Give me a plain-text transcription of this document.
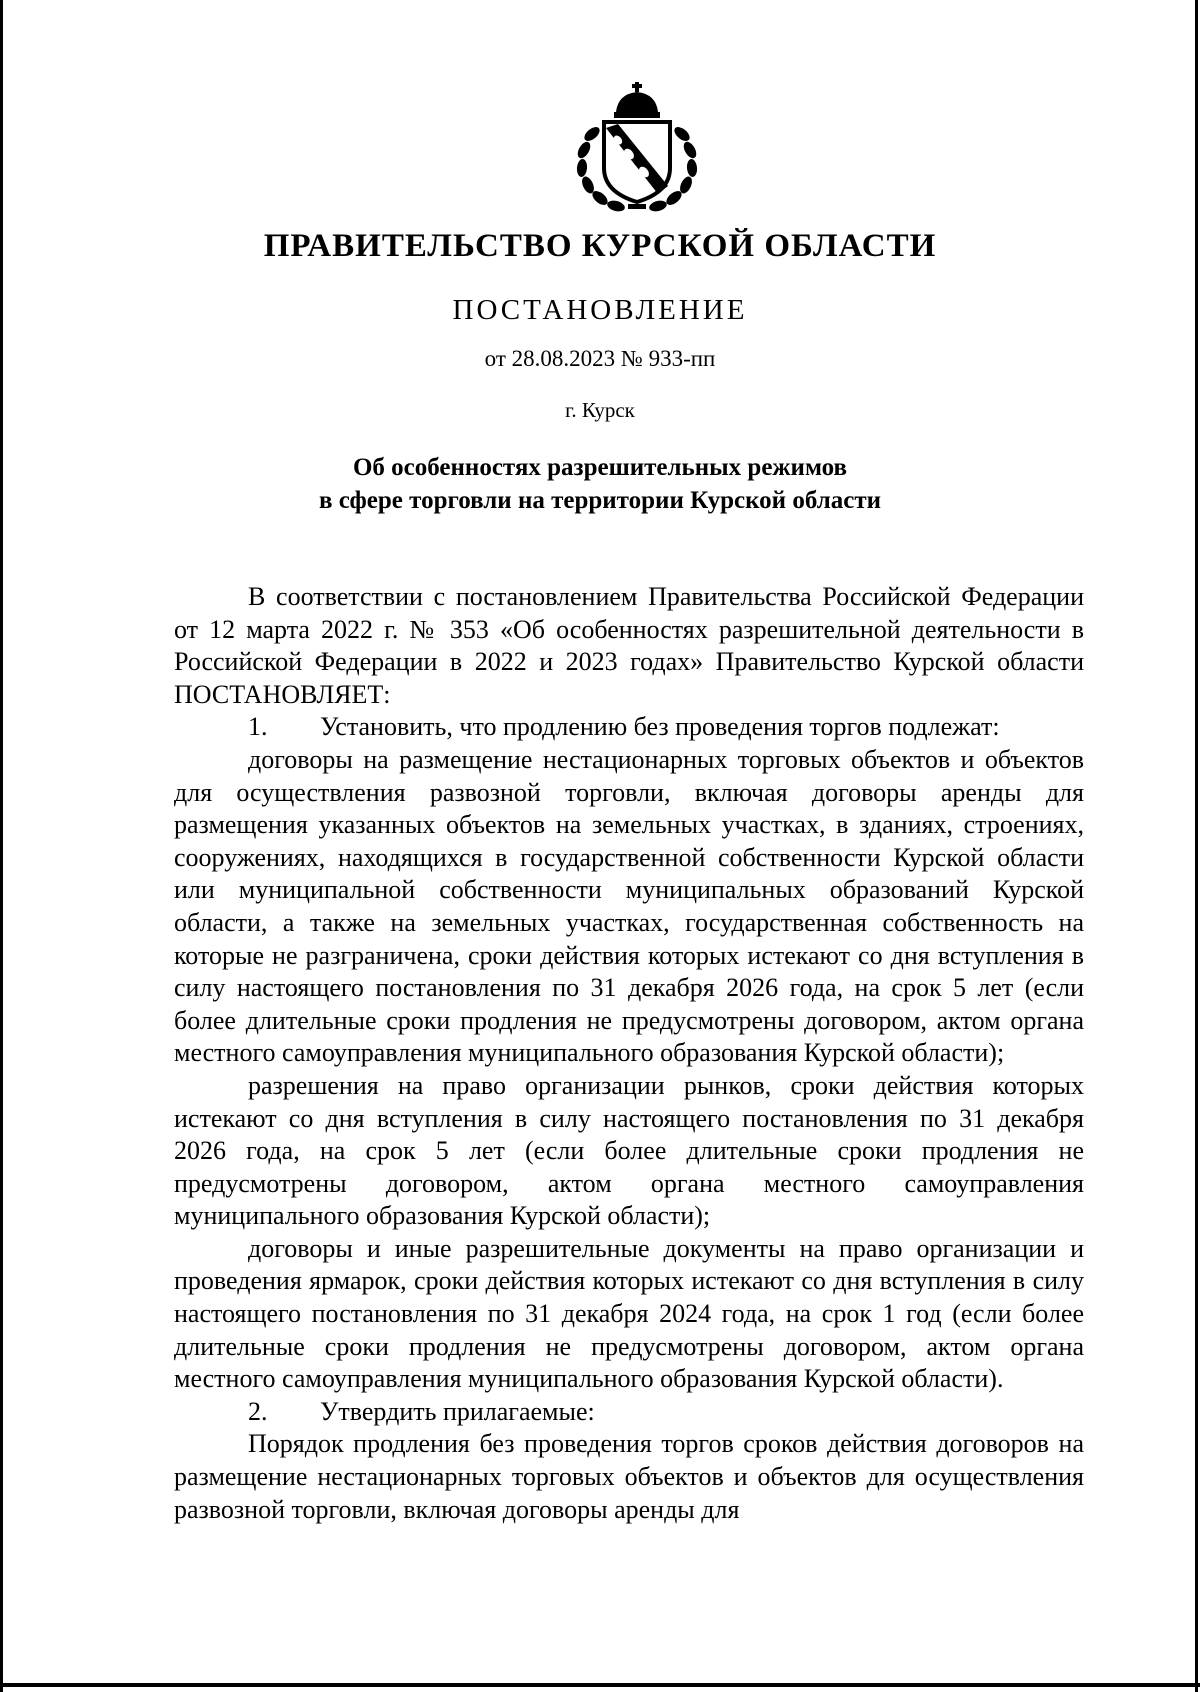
ПРАВИТЕЛЬСТВО КУРСКОЙ ОБЛАСТИ
ПОСТАНОВЛЕНИЕ
от 28.08.2023 № 933-пп
г. Курск
Об особенностях разрешительных режимов
в сфере торговли на территории Курской области

В соответствии с постановлением Правительства Российской Федерации от 12 марта 2022 г. № 353 «Об особенностях разрешительной деятельности в Российской Федерации в 2022 и 2023 годах» Правительство Курской области ПОСТАНОВЛЯЕТ:

1. Установить, что продлению без проведения торгов подлежат:

договоры на размещение нестационарных торговых объектов и объектов для осуществления развозной торговли, включая договоры аренды для размещения указанных объектов на земельных участках, в зданиях, строениях, сооружениях, находящихся в государственной собственности Курской области или муниципальной собственности муниципальных образований Курской области, а также на земельных участках, государственная собственность на которые не разграничена, сроки действия которых истекают со дня вступления в силу настоящего постановления по 31 декабря 2026 года, на срок 5 лет (если более длительные сроки продления не предусмотрены договором, актом органа местного самоуправления муниципального образования Курской области);

разрешения на право организации рынков, сроки действия которых истекают со дня вступления в силу настоящего постановления по 31 декабря 2026 года, на срок 5 лет (если более длительные сроки продления не предусмотрены договором, актом органа местного самоуправления муниципального образования Курской области);

договоры и иные разрешительные документы на право организации и проведения ярмарок, сроки действия которых истекают со дня вступления в силу настоящего постановления по 31 декабря 2024 года, на срок 1 год (если более длительные сроки продления не предусмотрены договором, актом органа местного самоуправления муниципального образования Курской области).

2. Утвердить прилагаемые:

Порядок продления без проведения торгов сроков действия договоров на размещение нестационарных торговых объектов и объектов для осуществления развозной торговли, включая договоры аренды для
